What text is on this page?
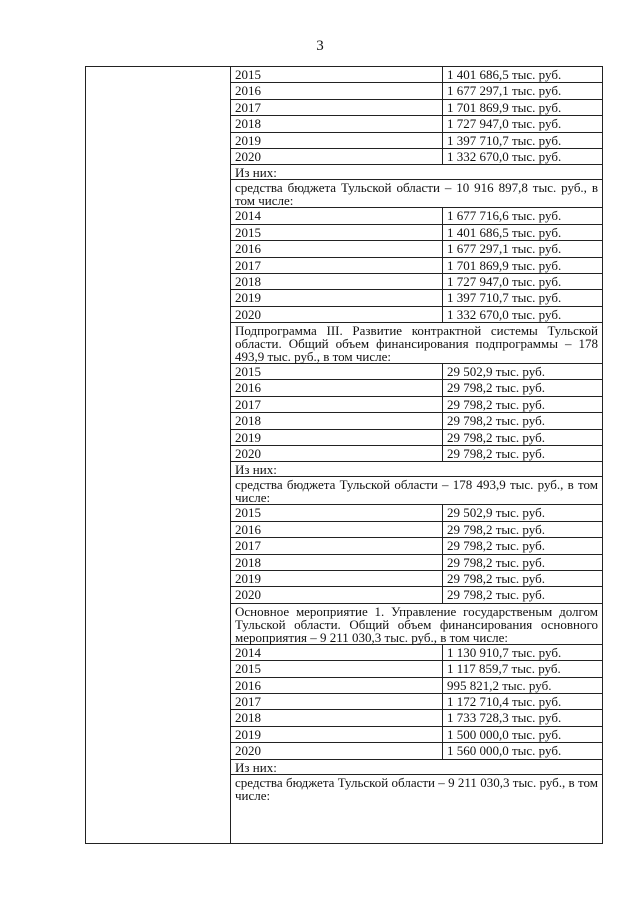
3
2015	1 401 686,5 тыс. руб.
2016	1 677 297,1 тыс. руб.
2017	1 701 869,9 тыс. руб.
2018	1 727 947,0 тыс. руб.
2019	1 397 710,7 тыс. руб.
2020	1 332 670,0 тыс. руб.
Из них:
средства бюджета Тульской области – 10 916 897,8 тыс. руб., в том числе:
2014	1 677 716,6 тыс. руб.
2015	1 401 686,5 тыс. руб.
2016	1 677 297,1 тыс. руб.
2017	1 701 869,9 тыс. руб.
2018	1 727 947,0 тыс. руб.
2019	1 397 710,7 тыс. руб.
2020	1 332 670,0 тыс. руб.
Подпрограмма III. Развитие контрактной системы Тульской области. Общий объем финансирования подпрограммы – 178 493,9 тыс. руб., в том числе:
2015	29 502,9 тыс. руб.
2016	29 798,2 тыс. руб.
2017	29 798,2 тыс. руб.
2018	29 798,2 тыс. руб.
2019	29 798,2 тыс. руб.
2020	29 798,2 тыс. руб.
Из них:
средства бюджета Тульской области – 178 493,9 тыс. руб., в том числе:
2015	29 502,9 тыс. руб.
2016	29 798,2 тыс. руб.
2017	29 798,2 тыс. руб.
2018	29 798,2 тыс. руб.
2019	29 798,2 тыс. руб.
2020	29 798,2 тыс. руб.
Основное мероприятие 1. Управление государственым долгом Тульской области. Общий объем финансирования основного мероприятия – 9 211 030,3 тыс. руб., в том числе:
2014	1 130 910,7 тыс. руб.
2015	1 117 859,7 тыс. руб.
2016	995 821,2 тыс. руб.
2017	1 172 710,4 тыс. руб.
2018	1 733 728,3 тыс. руб.
2019	1 500 000,0 тыс. руб.
2020	1 560 000,0 тыс. руб.
Из них:
средства бюджета Тульской области – 9 211 030,3 тыс. руб., в том числе:
